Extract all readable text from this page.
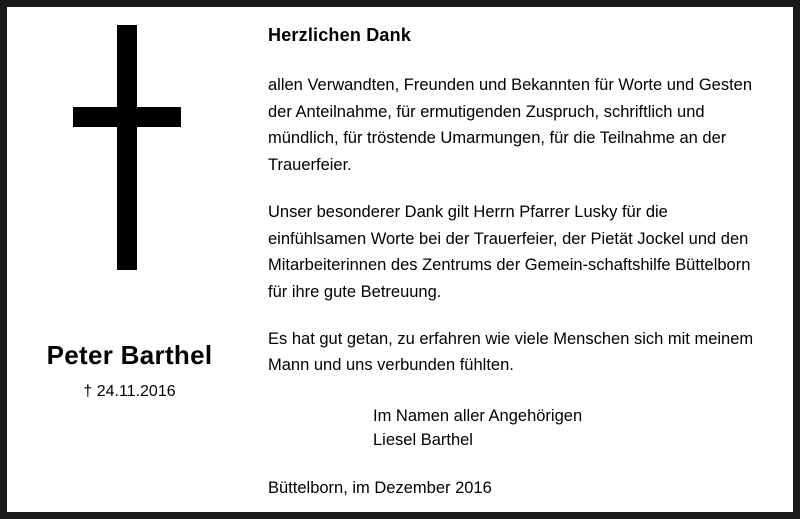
Peter Barthel
† 24.11.2016
Herzlichen Dank
allen Verwandten, Freunden und Bekannten für Worte und Gesten der Anteilnahme, für ermutigenden Zuspruch, schriftlich und mündlich, für tröstende Umarmungen, für die Teilnahme an der Trauerfeier.
Unser besonderer Dank gilt Herrn Pfarrer Lusky für die einfühlsamen Worte bei der Trauerfeier, der Pietät Jockel und den Mitarbeiterinnen des Zentrums der Gemein-schaftshilfe Büttelborn für ihre gute Betreuung.
Es hat gut getan, zu erfahren wie viele Menschen sich mit meinem Mann und uns verbunden fühlten.
Im Namen aller Angehörigen
Liesel Barthel
Büttelborn, im Dezember 2016
